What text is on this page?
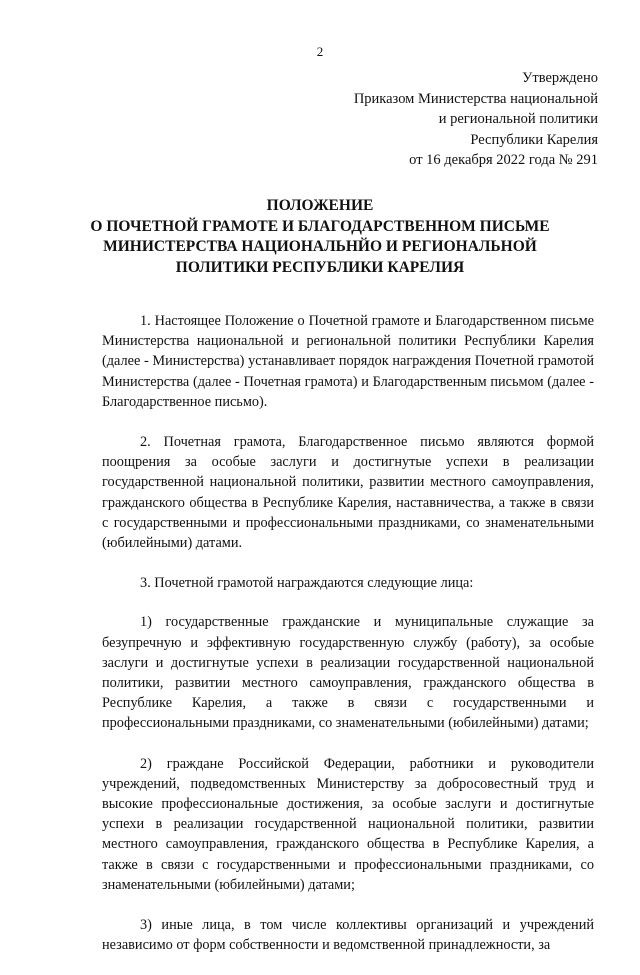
2
Утверждено
Приказом Министерства национальной
и региональной политики
Республики Карелия
от 16 декабря 2022 года № 291
ПОЛОЖЕНИЕ
О ПОЧЕТНОЙ ГРАМОТЕ И БЛАГОДАРСТВЕННОМ ПИСЬМЕ
МИНИСТЕРСТВА НАЦИОНАЛЬНЙО И РЕГИОНАЛЬНОЙ
ПОЛИТИКИ РЕСПУБЛИКИ КАРЕЛИЯ

1. Настоящее Положение о Почетной грамоте и Благодарственном письме Министерства национальной и региональной политики Республики Карелия (далее - Министерства) устанавливает порядок награждения Почетной грамотой Министерства (далее - Почетная грамота) и Благодарственным письмом (далее - Благодарственное письмо).

2. Почетная грамота, Благодарственное письмо являются формой поощрения за особые заслуги и достигнутые успехи в реализации государственной национальной политики, развитии местного самоуправления, гражданского общества в Республике Карелия, наставничества, а также в связи с государственными и профессиональными праздниками, со знаменательными (юбилейными) датами.

3. Почетной грамотой награждаются следующие лица:

1) государственные гражданские и муниципальные служащие за безупречную и эффективную государственную службу (работу), за особые заслуги и достигнутые успехи в реализации государственной национальной политики, развитии местного самоуправления, гражданского общества в Республике Карелия, а также в связи с государственными и профессиональными праздниками, со знаменательными (юбилейными) датами;

2) граждане Российской Федерации, работники и руководители учреждений, подведомственных Министерству за добросовестный труд и высокие профессиональные достижения, за особые заслуги и достигнутые успехи в реализации государственной национальной политики, развитии местного самоуправления, гражданского общества в Республике Карелия, а также в связи с государственными и профессиональными праздниками, со знаменательными (юбилейными) датами;

3) иные лица, в том числе коллективы организаций и учреждений независимо от форм собственности и ведомственной принадлежности, за
